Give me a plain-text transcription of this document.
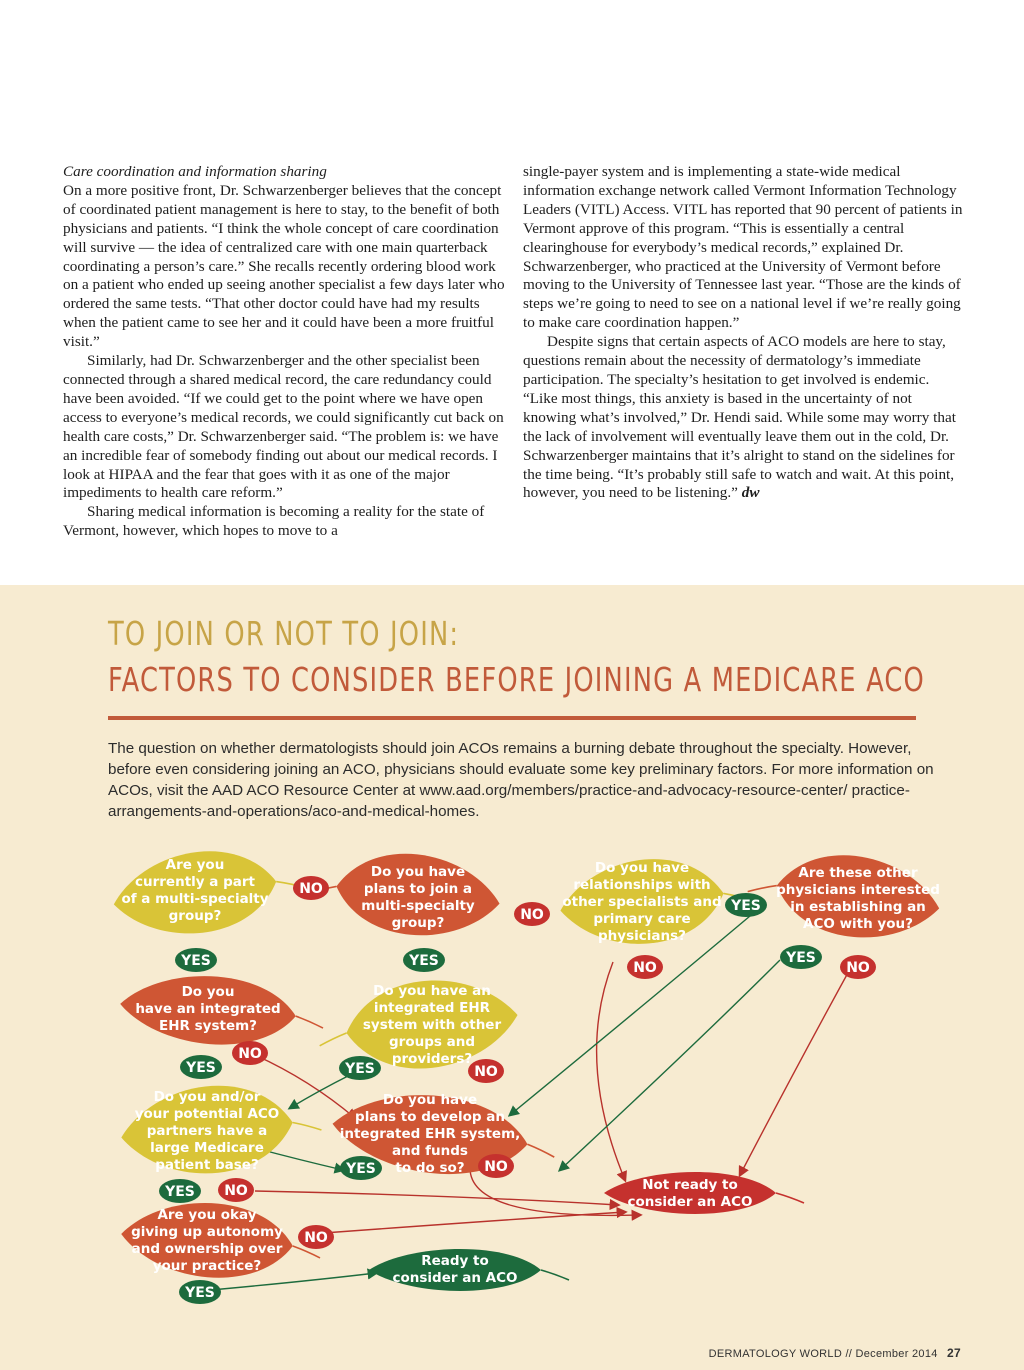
Care coordination and information sharing

On a more positive front, Dr. Schwarzenberger believes that the concept of coordinated patient management is here to stay, to the benefit of both physicians and patients. “I think the whole concept of care coordination will survive — the idea of centralized care with one main quarterback coordinating a person’s care.” She recalls recently ordering blood work on a patient who ended up seeing another specialist a few days later who ordered the same tests. “That other doctor could have had my results when the patient came to see her and it could have been a more fruitful visit.”

Similarly, had Dr. Schwarzenberger and the other specialist been connected through a shared medical record, the care redundancy could have been avoided. “If we could get to the point where we have open access to everyone’s medical records, we could significantly cut back on health care costs,” Dr. Schwarzenberger said. “The problem is: we have an incredible fear of somebody finding out about our medical records. I look at HIPAA and the fear that goes with it as one of the major impediments to health care reform.”

Sharing medical information is becoming a reality for the state of Vermont, however, which hopes to move to a

single-payer system and is implementing a state-wide medical information exchange network called Vermont Information Technology Leaders (VITL) Access. VITL has reported that 90 percent of patients in Vermont approve of this program. “This is essentially a central clearinghouse for everybody’s medical records,” explained Dr. Schwarzenberger, who practiced at the University of Vermont before moving to the University of Tennessee last year. “Those are the kinds of steps we’re going to need to see on a national level if we’re really going to make care coordination happen.”

Despite signs that certain aspects of ACO models are here to stay, questions remain about the necessity of dermatology’s immediate participation. The specialty’s hesitation to get involved is endemic. “Like most things, this anxiety is based in the uncertainty of not knowing what’s involved,” Dr. Hendi said. While some may worry that the lack of involvement will eventually leave them out in the cold, Dr. Schwarzenberger maintains that it’s alright to stand on the sidelines for the time being. “It’s probably still safe to watch and wait. At this point, however, you need to be listening.” dw

TO JOIN OR NOT TO JOIN:
FACTORS TO CONSIDER BEFORE JOINING A MEDICARE ACO

The question on whether dermatologists should join ACOs remains a burning debate throughout the specialty. However, before even considering joining an ACO, physicians should evaluate some key preliminary factors. For more information on ACOs, visit the AAD ACO Resource Center at www.aad.org/members/practice-and-advocacy-resource-center/ practice-arrangements-and-operations/aco-and-medical-homes.

Are you currently a part of a multi-specialty group?
Do you have plans to join a multi-specialty group?
Do you have relationships with other specialists and primary care physicians?
Are these other physicians interested in establishing an ACO with you?
Do you have an integrated EHR system?
Do you have an integrated EHR system with other groups and providers?
Do you and/or your potential ACO partners have a large Medicare patient base?
Do you have plans to develop an integrated EHR system, and funds to do so?
Are you okay giving up autonomy and ownership over your practice?
Not ready to consider an ACO
Ready to consider an ACO
NO
YES	YES
NO
YES
NO
YES
NO
NO
YES	YES	NO
YES	NO
YES NO
NO
YES
DERMATOLOGY WORLD // December 2014 27
